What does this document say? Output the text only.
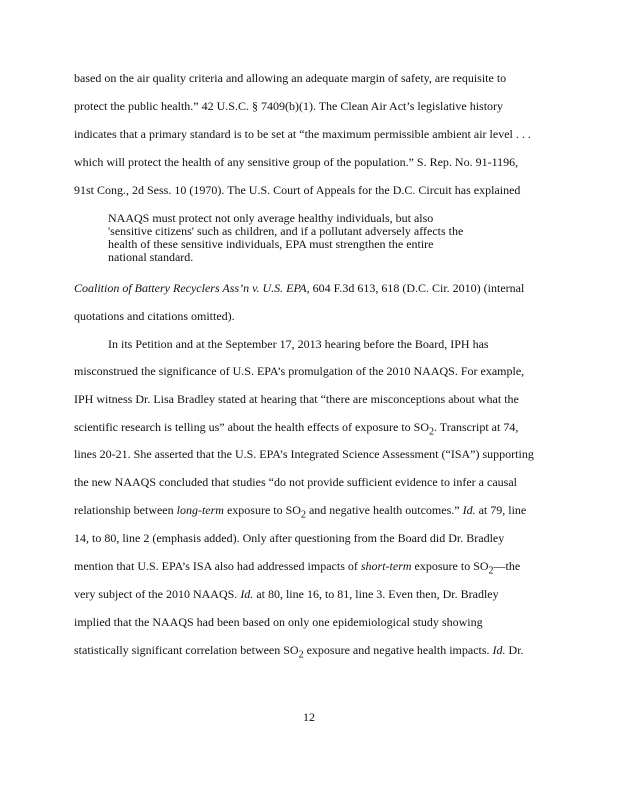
based on the air quality criteria and allowing an adequate margin of safety, are requisite to
protect the public health.” 42 U.S.C. § 7409(b)(1). The Clean Air Act’s legislative history
indicates that a primary standard is to be set at “the maximum permissible ambient air level . . .
which will protect the health of any sensitive group of the population.” S. Rep. No. 91-1196,
91st Cong., 2d Sess. 10 (1970). The U.S. Court of Appeals for the D.C. Circuit has explained
NAAQS must protect not only average healthy individuals, but also
'sensitive citizens' such as children, and if a pollutant adversely affects the
health of these sensitive individuals, EPA must strengthen the entire
national standard.
Coalition of Battery Recyclers Ass’n v. U.S. EPA, 604 F.3d 613, 618 (D.C. Cir. 2010) (internal
quotations and citations omitted).
In its Petition and at the September 17, 2013 hearing before the Board, IPH has
misconstrued the significance of U.S. EPA’s promulgation of the 2010 NAAQS. For example,
IPH witness Dr. Lisa Bradley stated at hearing that “there are misconceptions about what the
scientific research is telling us” about the health effects of exposure to $SO_2$. Transcript at 74,
lines 20-21. She asserted that the U.S. EPA’s Integrated Science Assessment (“ISA”) supporting
the new NAAQS concluded that studies “do not provide sufficient evidence to infer a causal
relationship between long-term exposure to $SO_2$ and negative health outcomes.” Id. at 79, line
14, to 80, line 2 (emphasis added). Only after questioning from the Board did Dr. Bradley
mention that U.S. EPA’s ISA also had addressed impacts of short-term exposure to $SO_2—the$
very subject of the 2010 NAAQS. Id. at 80, line 16, to 81, line 3. Even then, Dr. Bradley
implied that the NAAQS had been based on only one epidemiological study showing
statistically significant correlation between $SO_2$ exposure and negative health impacts. Id. Dr.
12
